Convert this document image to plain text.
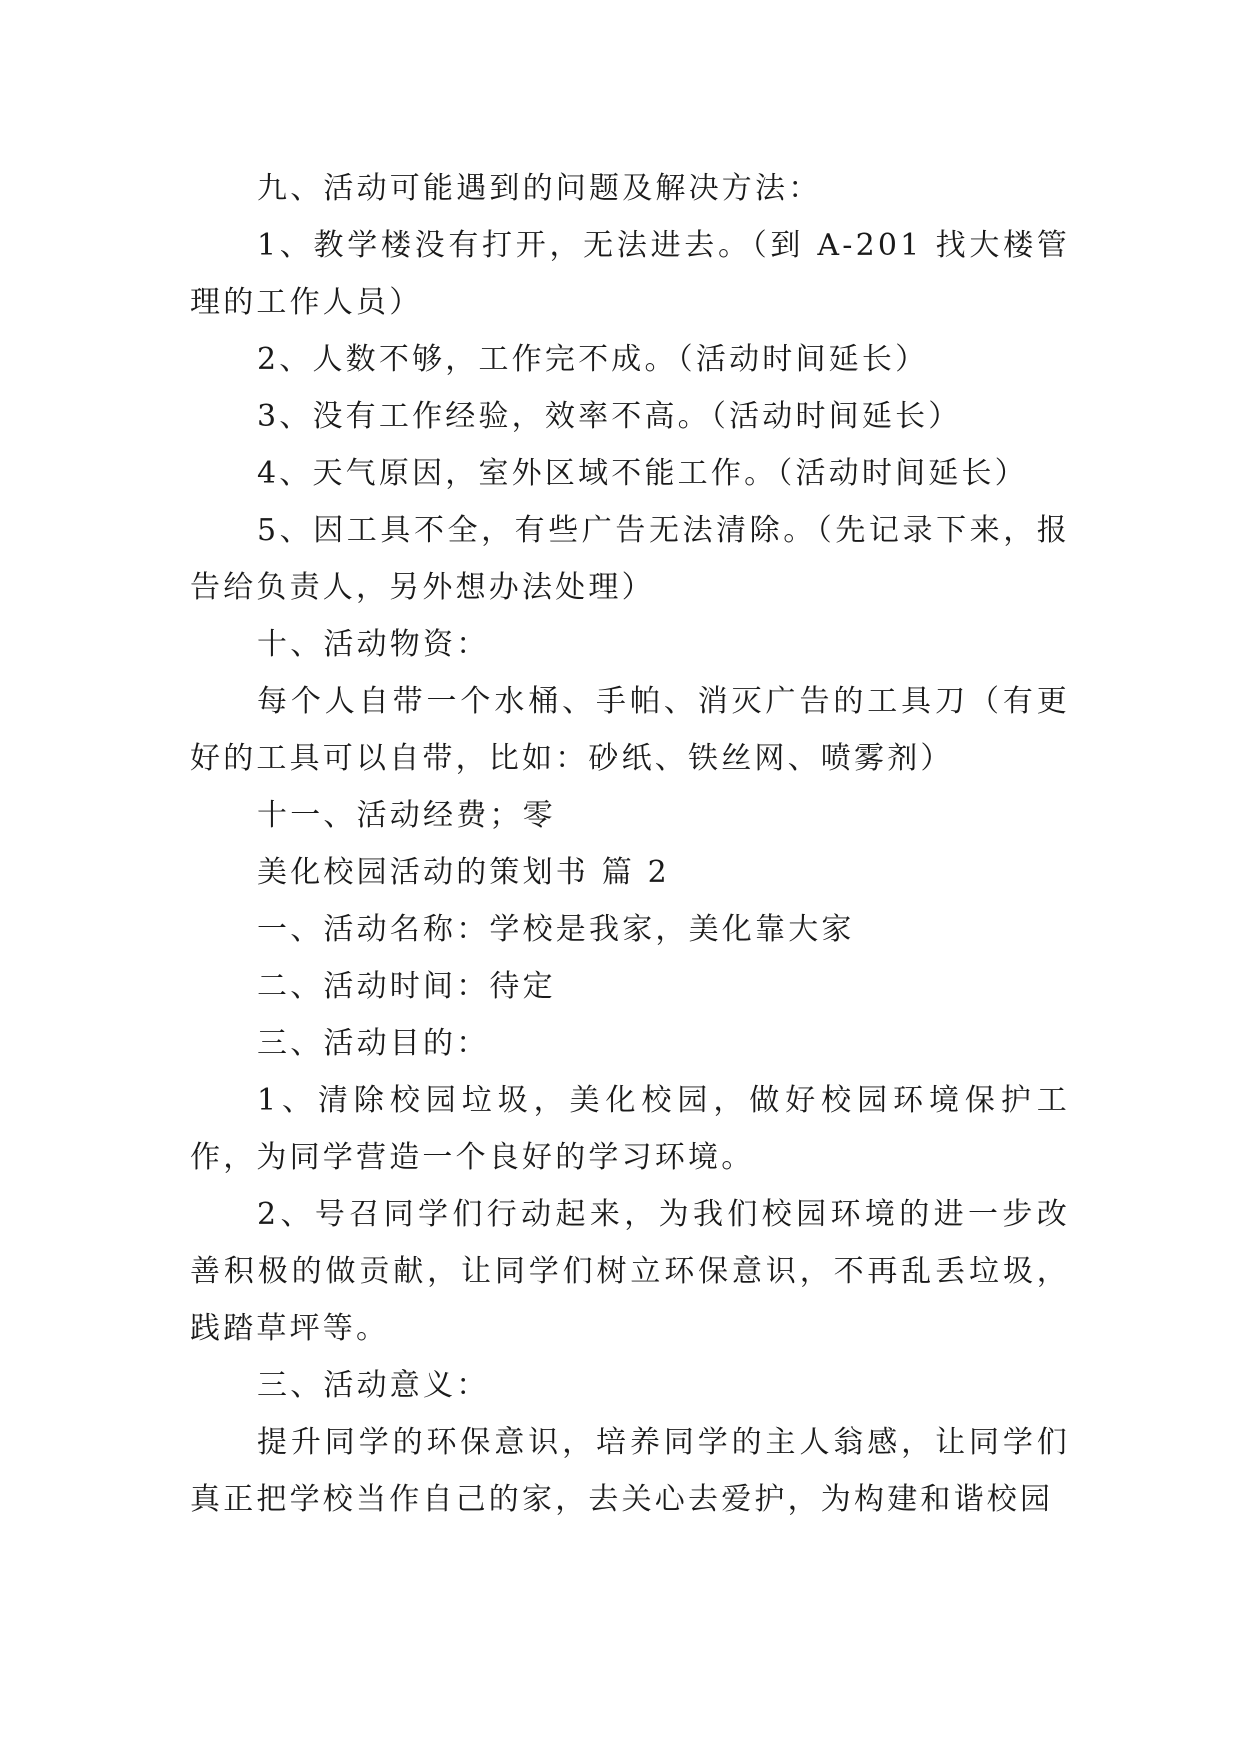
九、活动可能遇到的问题及解决方法：

1、教学楼没有打开，无法进去。（到 A-201 找大楼管理的工作人员）

2、人数不够，工作完不成。（活动时间延长）

3、没有工作经验，效率不高。（活动时间延长）

4、天气原因，室外区域不能工作。（活动时间延长）

5、因工具不全，有些广告无法清除。（先记录下来，报告给负责人，另外想办法处理）

十、活动物资：

每个人自带一个水桶、手帕、消灭广告的工具刀（有更好的工具可以自带，比如：砂纸、铁丝网、喷雾剂）

十一、活动经费；零

美化校园活动的策划书 篇 2

一、活动名称：学校是我家，美化靠大家

二、活动时间：待定

三、活动目的：

1、清除校园垃圾，美化校园，做好校园环境保护工作，为同学营造一个良好的学习环境。

2、号召同学们行动起来，为我们校园环境的进一步改善积极的做贡献，让同学们树立环保意识，不再乱丢垃圾，践踏草坪等。

三、活动意义：

提升同学的环保意识，培养同学的主人翁感，让同学们真正把学校当作自己的家，去关心去爱护，为构建和谐校园
